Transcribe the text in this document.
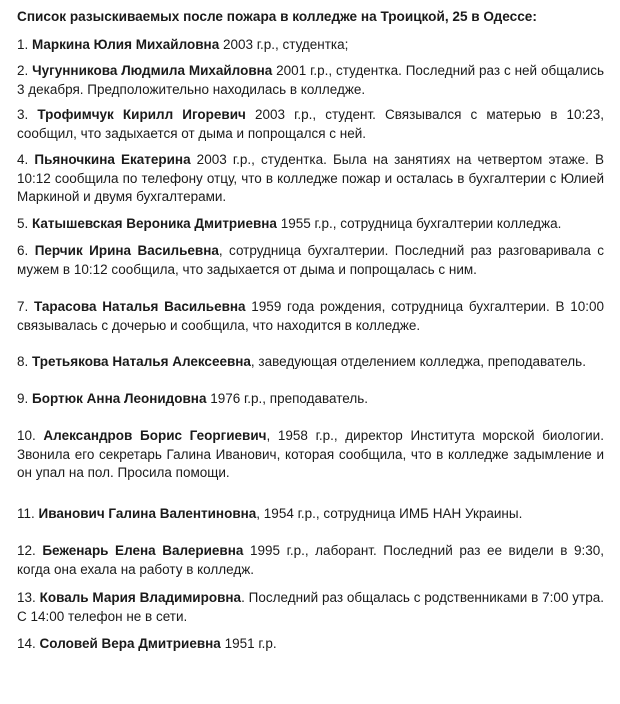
Список разыскиваемых после пожара в колледже на Троицкой, 25 в Одессе:
1. Маркина Юлия Михайловна 2003 г.р., студентка;
2. Чугунникова Людмила Михайловна 2001 г.р., студентка. Последний раз с ней общались 3 декабря. Предположительно находилась в колледже.
3. Трофимчук Кирилл Игоревич 2003 г.р., студент. Связывался с матерью в 10:23, сообщил, что задыхается от дыма и попрощался с ней.
4. Пьяночкина Екатерина 2003 г.р., студентка. Была на занятиях на четвертом этаже. В 10:12 сообщила по телефону отцу, что в колледже пожар и осталась в бухгалтерии с Юлией Маркиной и двумя бухгалтерами.
5. Катышевская Вероника Дмитриевна 1955 г.р., сотрудница бухгалтерии колледжа.
6. Перчик Ирина Васильевна, сотрудница бухгалтерии. Последний раз разговаривала с мужем в 10:12 сообщила, что задыхается от дыма и попрощалась с ним.
7. Тарасова Наталья Васильевна 1959 года рождения, сотрудница бухгалтерии. В 10:00 связывалась с дочерью и сообщила, что находится в колледже.
8. Третьякова Наталья Алексеевна, заведующая отделением колледжа, преподаватель.
9. Бортюк Анна Леонидовна 1976 г.р., преподаватель.
10. Александров Борис Георгиевич, 1958 г.р., директор Института морской биологии. Звонила его секретарь Галина Иванович, которая сообщила, что в колледже задымление и он упал на пол. Просила помощи.
11. Иванович Галина Валентиновна, 1954 г.р., сотрудница ИМБ НАН Украины.
12. Беженарь Елена Валериевна 1995 г.р., лаборант. Последний раз ее видели в 9:30, когда она ехала на работу в колледж.
13. Коваль Мария Владимировна. Последний раз общалась с родственниками в 7:00 утра. С 14:00 телефон не в сети.
14. Соловей Вера Дмитриевна 1951 г.р.
